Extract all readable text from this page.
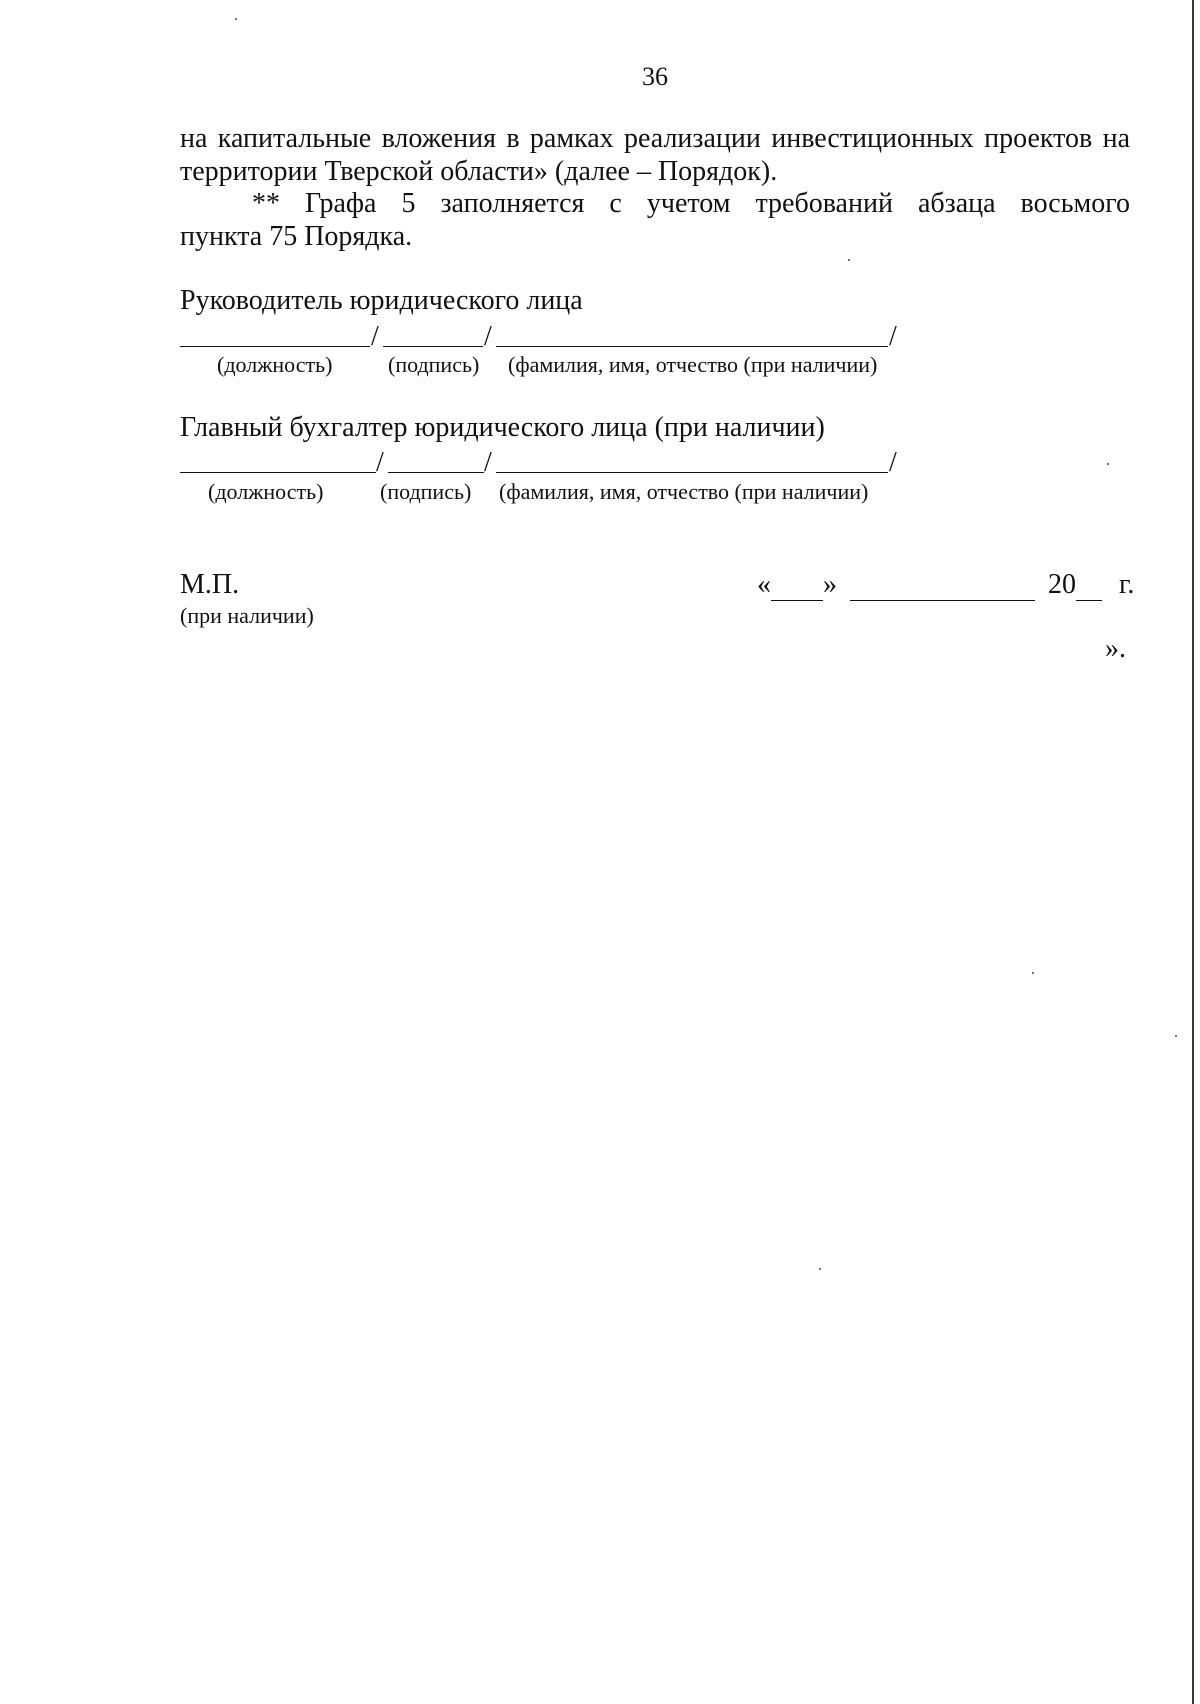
36
на капитальные вложения в рамках реализации инвестиционных проектов на
территории Тверской области» (далее – Порядок).
** Графа 5 заполняется с учетом требований абзаца восьмого
пункта 75 Порядка.
Руководитель юридического лица
/	/	/
(должность)	(подпись) (фамилия, имя, отчество (при наличии)
Главный бухгалтер юридического лица (при наличии)
/	/	/
(должность)	(подпись) (фамилия, имя, отчество (при наличии)
М.П.
(при наличии)
« »	20 г.
».
